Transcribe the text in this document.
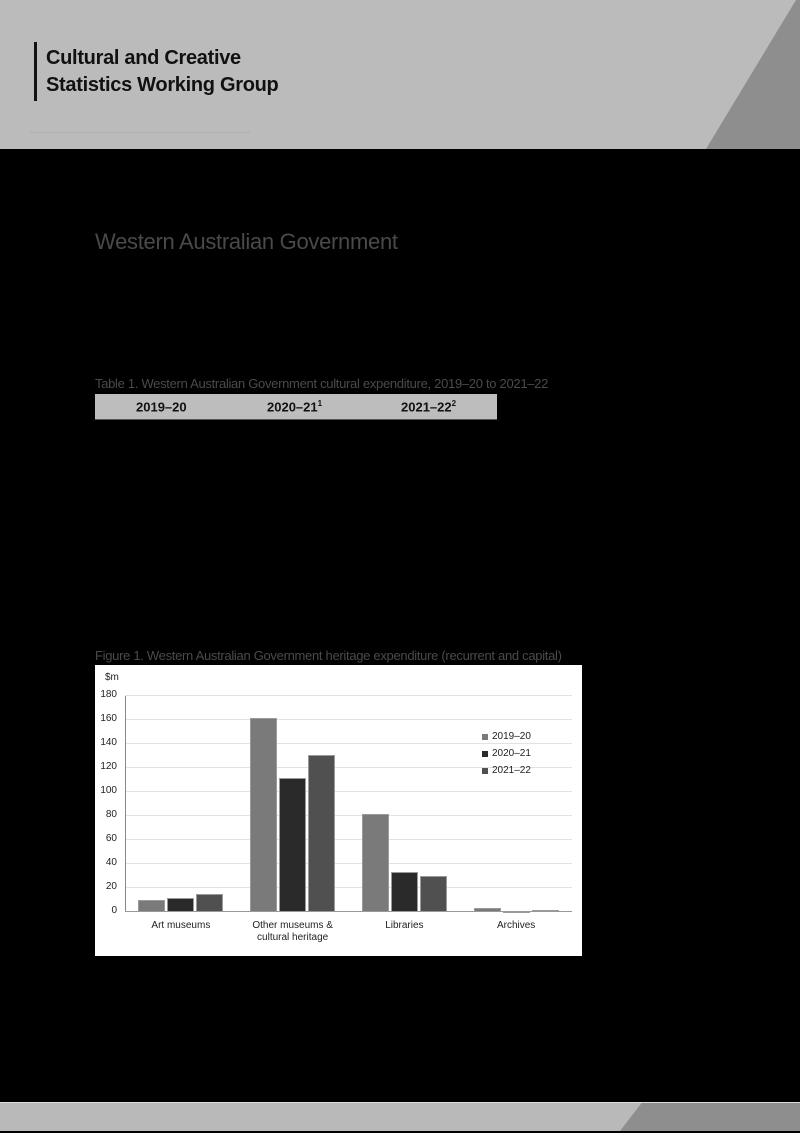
Cultural and Creative
Statistics Working Group
Western Australian Government
Table 1. Western Australian Government cultural expenditure, 2019–20 to 2021–22
2019–20	$2020-21^1$	$2021-22^2$
Figure 1. Western Australian Government heritage expenditure (recurrent and capital)
$m
0
20
40
60
80
100
120
140
160
180
Art museums	Other museums &
cultural heritage
Libraries	Archives
2019–20
2020–21
2021–22
